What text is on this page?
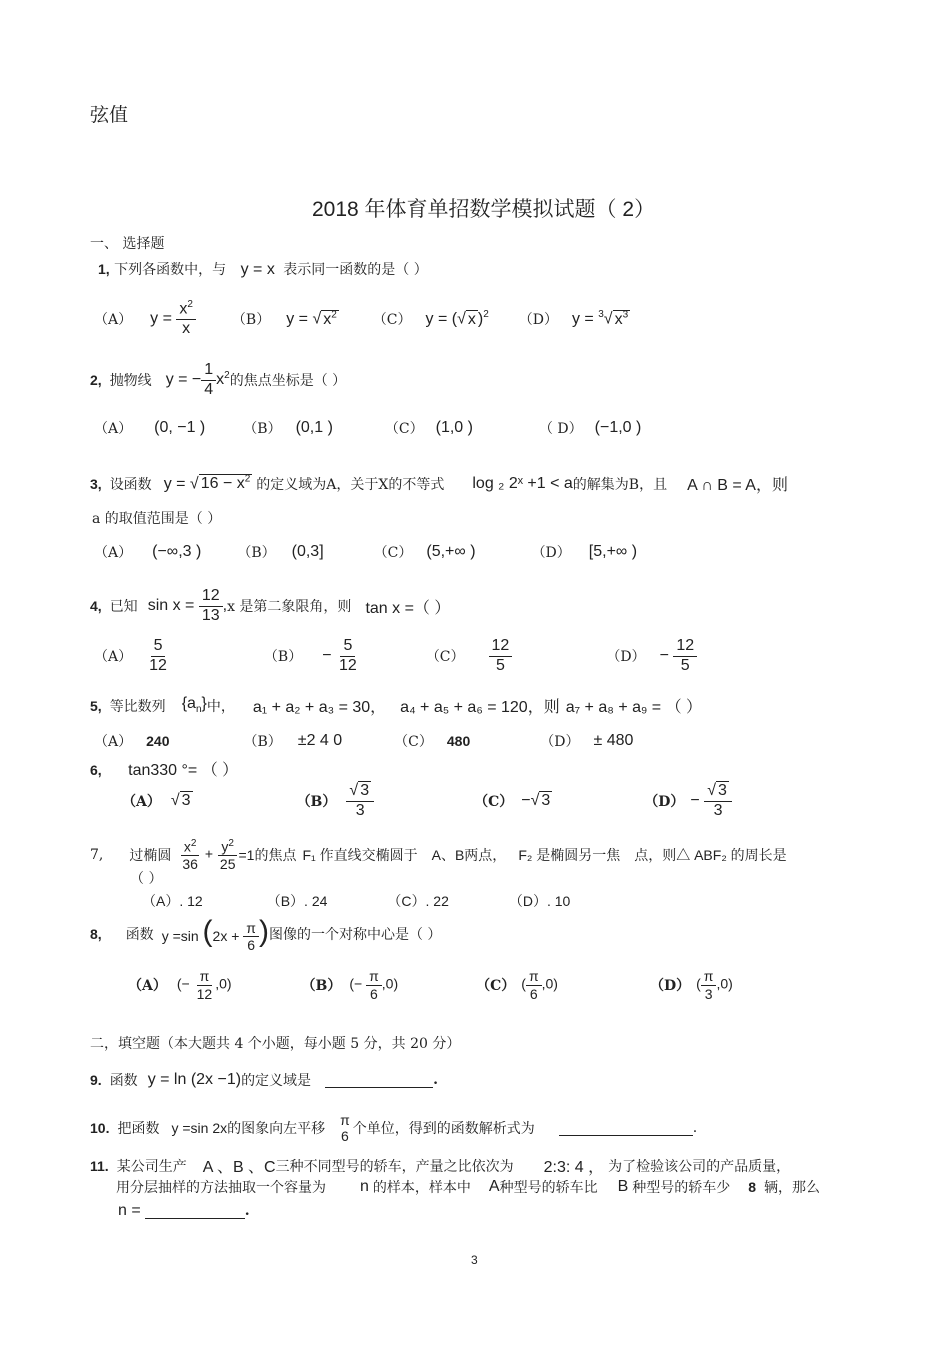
弦值
2018 年体育单招数学模拟试题（ 2）
一、 选择题
1, 下列各函数中，与 y = x 表示同一函数的是（ ）
（A） $y = \frac{x^2}{x}$	（B） y = √ $x^2$	（C） y = (√ x )$^2$ （D） y = $^3$√ $x^3$
2, 抛物线 y = − $\frac{1}{4} x^2$ 的焦点坐标是（ ）
（A） (0, −1 )	（B） (0,1 )	（C） (1,0 )	（ D） (−1,0 )
3, 设函数 y = √ $16 - x^2$ 的定义域为A，关于X的不等式 log ₂ 2ˣ +1 < a 的解集为B，且 A ∩ B = A，则
a 的取值范围是（ ）
（A） (−∞,3 )	（B） (0,3]	（C） (5,+∞ )	（D） [5,+∞ )
4, 已知 $\sin x = \frac{12}{13}$ , x 是第二象限角，则 tan x =（ ）
$(A) \frac{5}{12}$	$(B) - \frac{5}{12}$	$(C) \frac{12}{5}$	$(D) - \frac{12}{5}$
5, 等比数列 $\{a_n\}$ 中， a₁ + a₂ + a₃ = 30， a₄ + a₅ + a₆ = 120，则 a₇ + a₈ + a₉ = （ ）
（A） 240	（B） ±2 4 0	（C） 480	（D） ± 480
6, tan330 °= （ ）
（A） √ 3	$(B) \frac{√ 3}{3}$	（C） −√ 3	$(D) - \frac{√ 3}{3}$
7, 过椭圆 $\frac{x^2}{36} + \frac{y^2}{25} =1$的焦点 F₁ 作直线交椭圆于 A、B两点， F₂ 是椭圆另一焦 点，则△ ABF₂ 的周长是
（ ）
（A）. 12	（B）. 24	（C）. 22	（D）. 10
8, 函数 y =sin ($2x + \frac{\pi}{6}$ ) 图像的一个对称中心是（ ）
（A） (− $\frac{\pi}{12} ,0$)	（B） (− $\frac{\pi}{6} ,0$)	（C） ( $\frac{\pi}{6} ,0$)	（D） ( $\frac{\pi}{3} ,0$)
二，填空题（本大题共 4 个小题，每小题 5 分，共 20 分）
9. 函数 y = ln (2x −1) 的定义域是	.
10. 把函数 y =sin 2x 的图象向左平移
π
6 个单位，得到的函数解析式为	.
11. 某公司生产 A 、B 、C 三种不同型号的轿车，产量之比依次为 2:3: 4 ， 为了检验该公司的产品质量，
用分层抽样的方法抽取一个容量为 n 的样本，样本中 A 种型号的轿车比 B 种型号的轿车少 8 辆，那么
n =	.
3
